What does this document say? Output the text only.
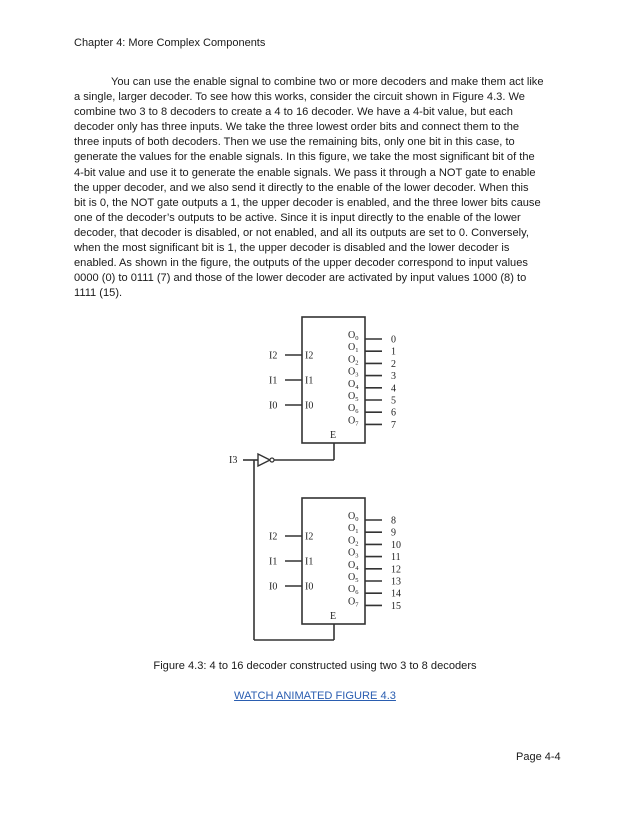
Chapter 4: More Complex Components
You can use the enable signal to combine two or more decoders and make them act like

a single, larger decoder. To see how this works, consider the circuit shown in Figure 4.3. We
combine two 3 to 8 decoders to create a 4 to 16 decoder. We have a 4-bit value, but each
decoder only has three inputs. We take the three lowest order bits and connect them to the
three inputs of both decoders. Then we use the remaining bits, only one bit in this case, to
generate the values for the enable signals. In this figure, we take the most significant bit of the
4-bit value and use it to generate the enable signals. We pass it through a NOT gate to enable
the upper decoder, and we also send it directly to the enable of the lower decoder. When this
bit is 0, the NOT gate outputs a 1, the upper decoder is enabled, and the three lower bits cause
one of the decoder’s outputs to be active. Since it is input directly to the enable of the lower
decoder, that decoder is disabled, or not enabled, and all its outputs are set to 0. Conversely,
when the most significant bit is 1, the upper decoder is disabled and the lower decoder is
enabled. As shown in the figure, the outputs of the upper decoder correspond to input values
0000 (0) to 0111 (7) and those of the lower decoder are activated by input values 1000 (8) to
1111 (15).
I2	I2
I1	I1
I0	I0
$O_0$	0
$O_1$	1
$O_2$	2
$O_3$	3
$O_4$	4
$O_5$	5
$O_6$	6
$O_7$	7
E
I2	I2
I1	I1
I0	I0
$O_0$	8
$O_1$	9
$O_2$	10
$O_3$	11
$O_4$	12
$O_5$	13
$O_6$	14
$O_7$	15
E
I3
Figure 4.3: 4 to 16 decoder constructed using two 3 to 8 decoders
WATCH ANIMATED FIGURE 4.3
Page 4-4
